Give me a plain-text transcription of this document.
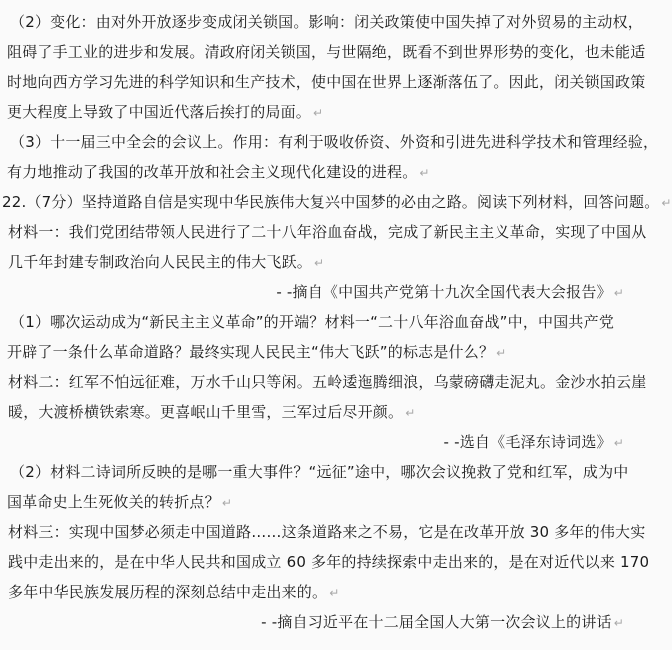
（2）变化：由对外开放逐步变成闭关锁国。影响：闭关政策使中国失掉了对外贸易的主动权，
阻碍了手工业的进步和发展。清政府闭关锁国，与世隔绝，既看不到世界形势的变化，也未能适
时地向西方学习先进的科学知识和生产技术，使中国在世界上逐渐落伍了。因此，闭关锁国政策
更大程度上导致了中国近代落后挨打的局面。 ↵
（3）十一届三中全会的会议上。作用：有利于吸收侨资、外资和引进先进科学技术和管理经验，
有力地推动了我国的改革开放和社会主义现代化建设的进程。 ↵
22.（7分）坚持道路自信是实现中华民族伟大复兴中国梦的必由之路。阅读下列材料，回答问题。 ↵
材料一：我们党团结带领人民进行了二十八年浴血奋战，完成了新民主主义革命，实现了中国从
几千年封建专制政治向人民民主的伟大飞跃。 ↵
- -摘自《中国共产党第十九次全国代表大会报告》 ↵
（1）哪次运动成为“新民主主义革命”的开端？材料一“二十八年浴血奋战”中，中国共产党
开辟了一条什么革命道路？最终实现人民民主“伟大飞跃”的标志是什么？ ↵
材料二：红军不怕远征难，万水千山只等闲。五岭逶迤腾细浪，乌蒙磅礴走泥丸。金沙水拍云崖
暖，大渡桥横铁索寒。更喜岷山千里雪，三军过后尽开颜。 ↵
- -选自《毛泽东诗词选》 ↵
（2）材料二诗词所反映的是哪一重大事件？“远征”途中，哪次会议挽救了党和红军，成为中
国革命史上生死攸关的转折点？ ↵
材料三：实现中国梦必须走中国道路……这条道路来之不易，它是在改革开放 30 多年的伟大实
践中走出来的，是在中华人民共和国成立 60 多年的持续探索中走出来的，是在对近代以来 170
多年中华民族发展历程的深刻总结中走出来的。 ↵
- -摘自习近平在十二届全国人大第一次会议上的讲话 ↵
